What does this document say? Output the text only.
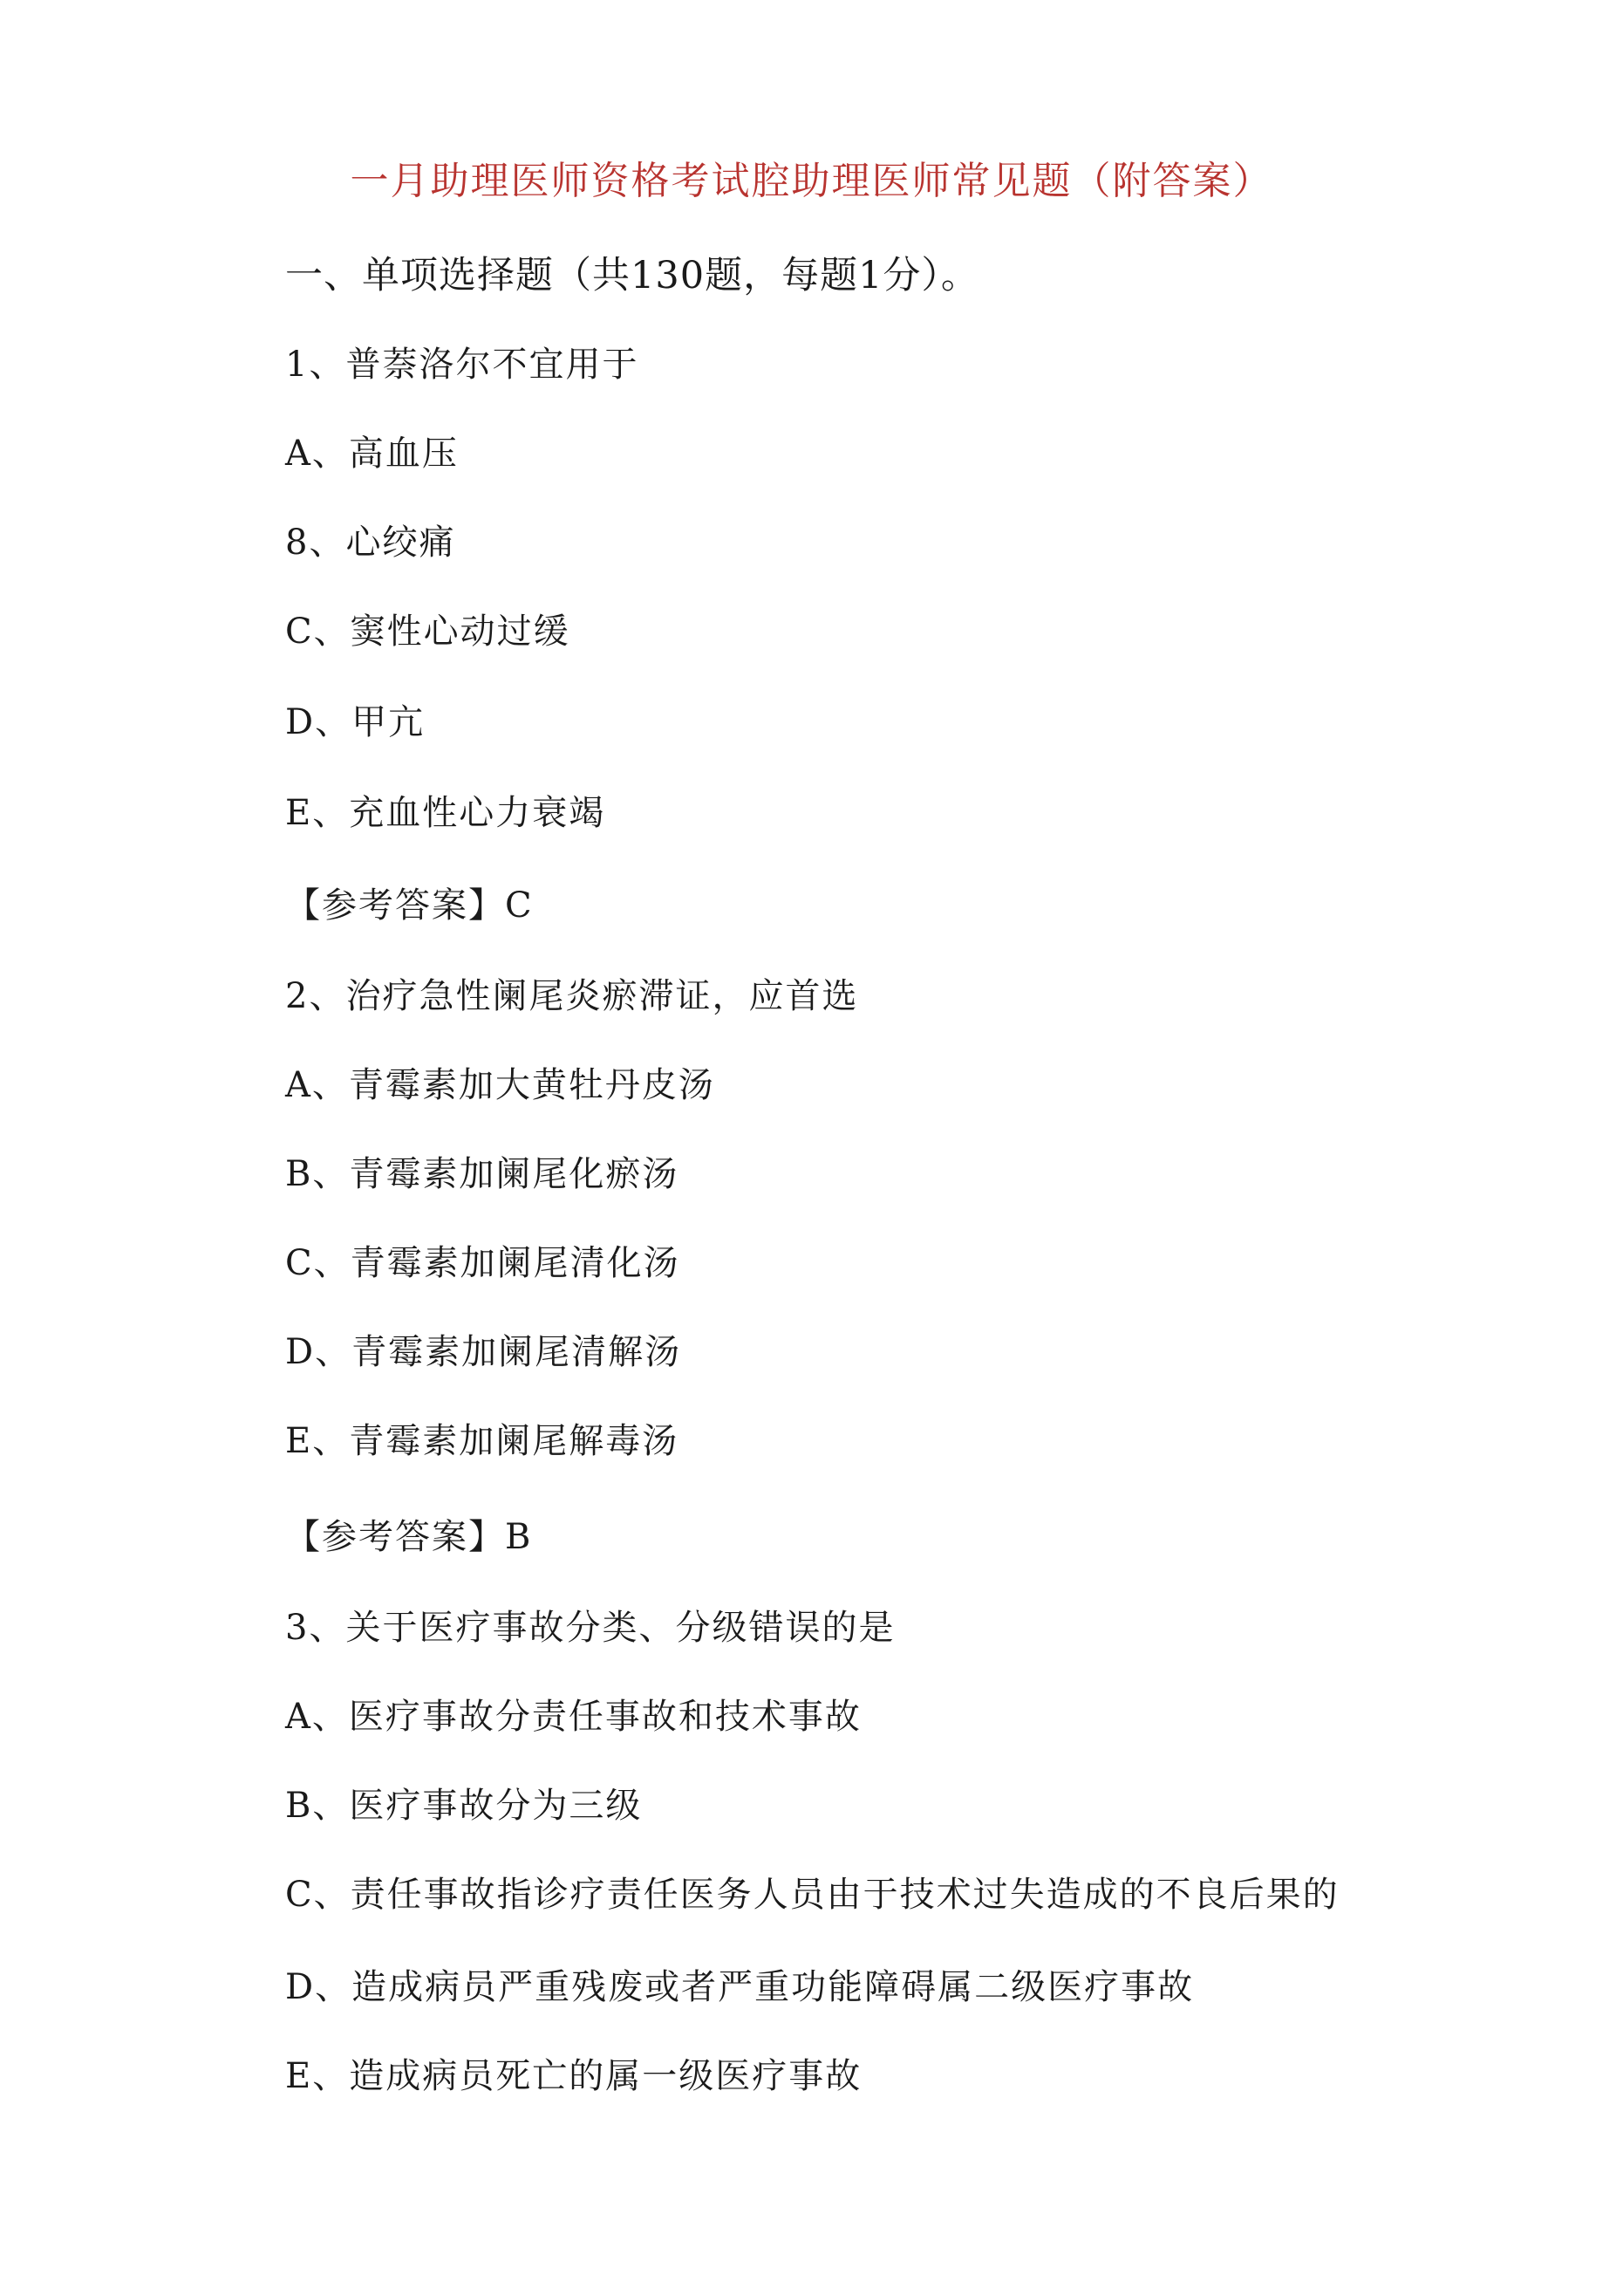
一月助理医师资格考试腔助理医师常见题（附答案）
一、单项选择题（共130题，每题1分）。
1、普萘洛尔不宜用于
A、高血压
8、心绞痛
C、窦性心动过缓
D、甲亢
E、充血性心力衰竭
【参考答案】C
2、治疗急性阑尾炎瘀滞证，应首选
A、青霉素加大黄牡丹皮汤
B、青霉素加阑尾化瘀汤
C、青霉素加阑尾清化汤
D、青霉素加阑尾清解汤
E、青霉素加阑尾解毒汤
【参考答案】B
3、关于医疗事故分类、分级错误的是
A、医疗事故分责任事故和技术事故
B、医疗事故分为三级
C、责任事故指诊疗责任医务人员由于技术过失造成的不良后果的
D、造成病员严重残废或者严重功能障碍属二级医疗事故
E、造成病员死亡的属一级医疗事故
